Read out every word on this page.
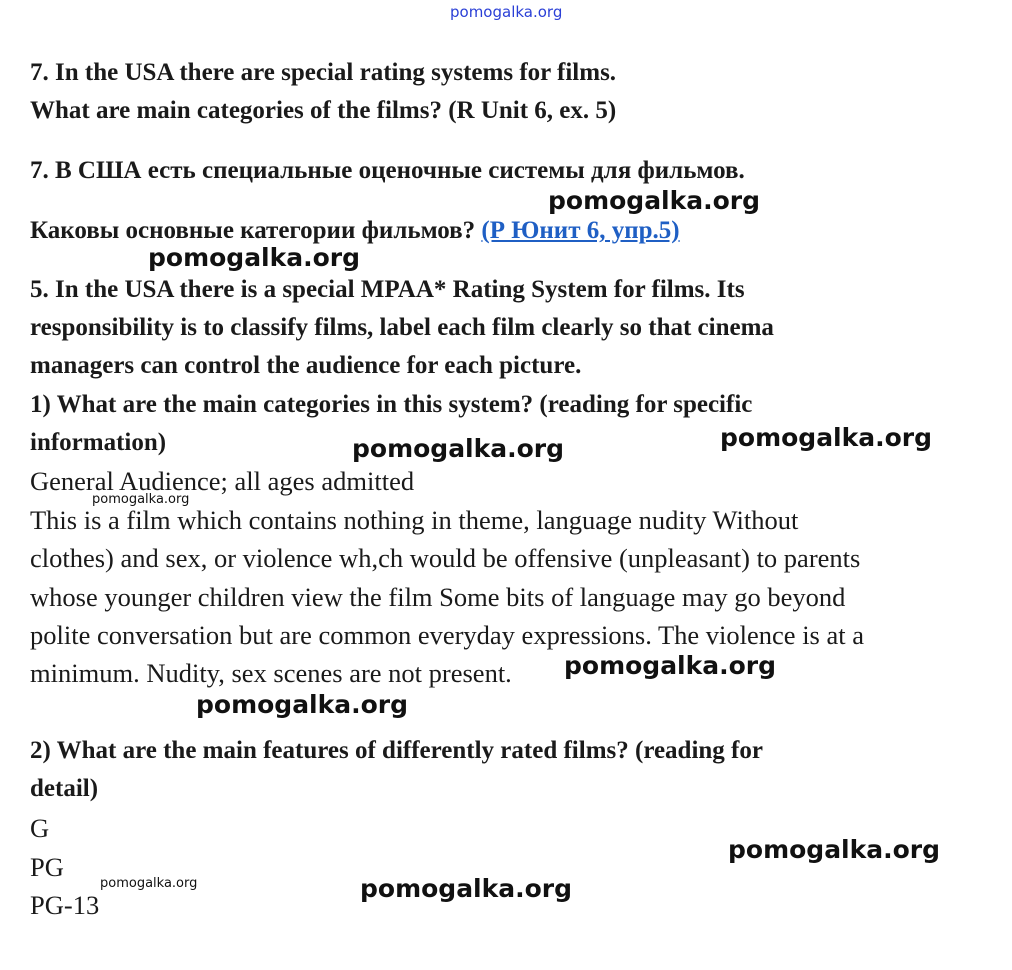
pomogalka.org
7. In the USA there are special rating systems for films.
What are main categories of the films? (R Unit 6, ex. 5)
7. В США есть специальные оценочные системы для фильмов.
Каковы основные категории фильмов? (Р Юнит 6, упр.5)
5. In the USA there is a special MPAA* Rating System for films. Its
responsibility is to classify films, label each film clearly so that cinema
managers can control the audience for each picture.
1) What are the main categories in this system? (reading for specific
information)
General Audience; all ages admitted
This is a film which contains nothing in theme, language nudity Without
clothes) and sex, or violence wh,ch would be offensive (unpleasant) to parents
whose younger children view the film Some bits of language may go beyond
polite conversation but are common everyday expressions. The violence is at a
minimum. Nudity, sex scenes are not present.
2) What are the main features of differently rated films? (reading for
detail)
G
PG
PG-13
pomogalka.org
pomogalka.org
pomogalka.org	pomogalka.org
pomogalka.org
pomogalka.org
pomogalka.org
pomogalka.org
pomogalka.org
pomogalka.org
